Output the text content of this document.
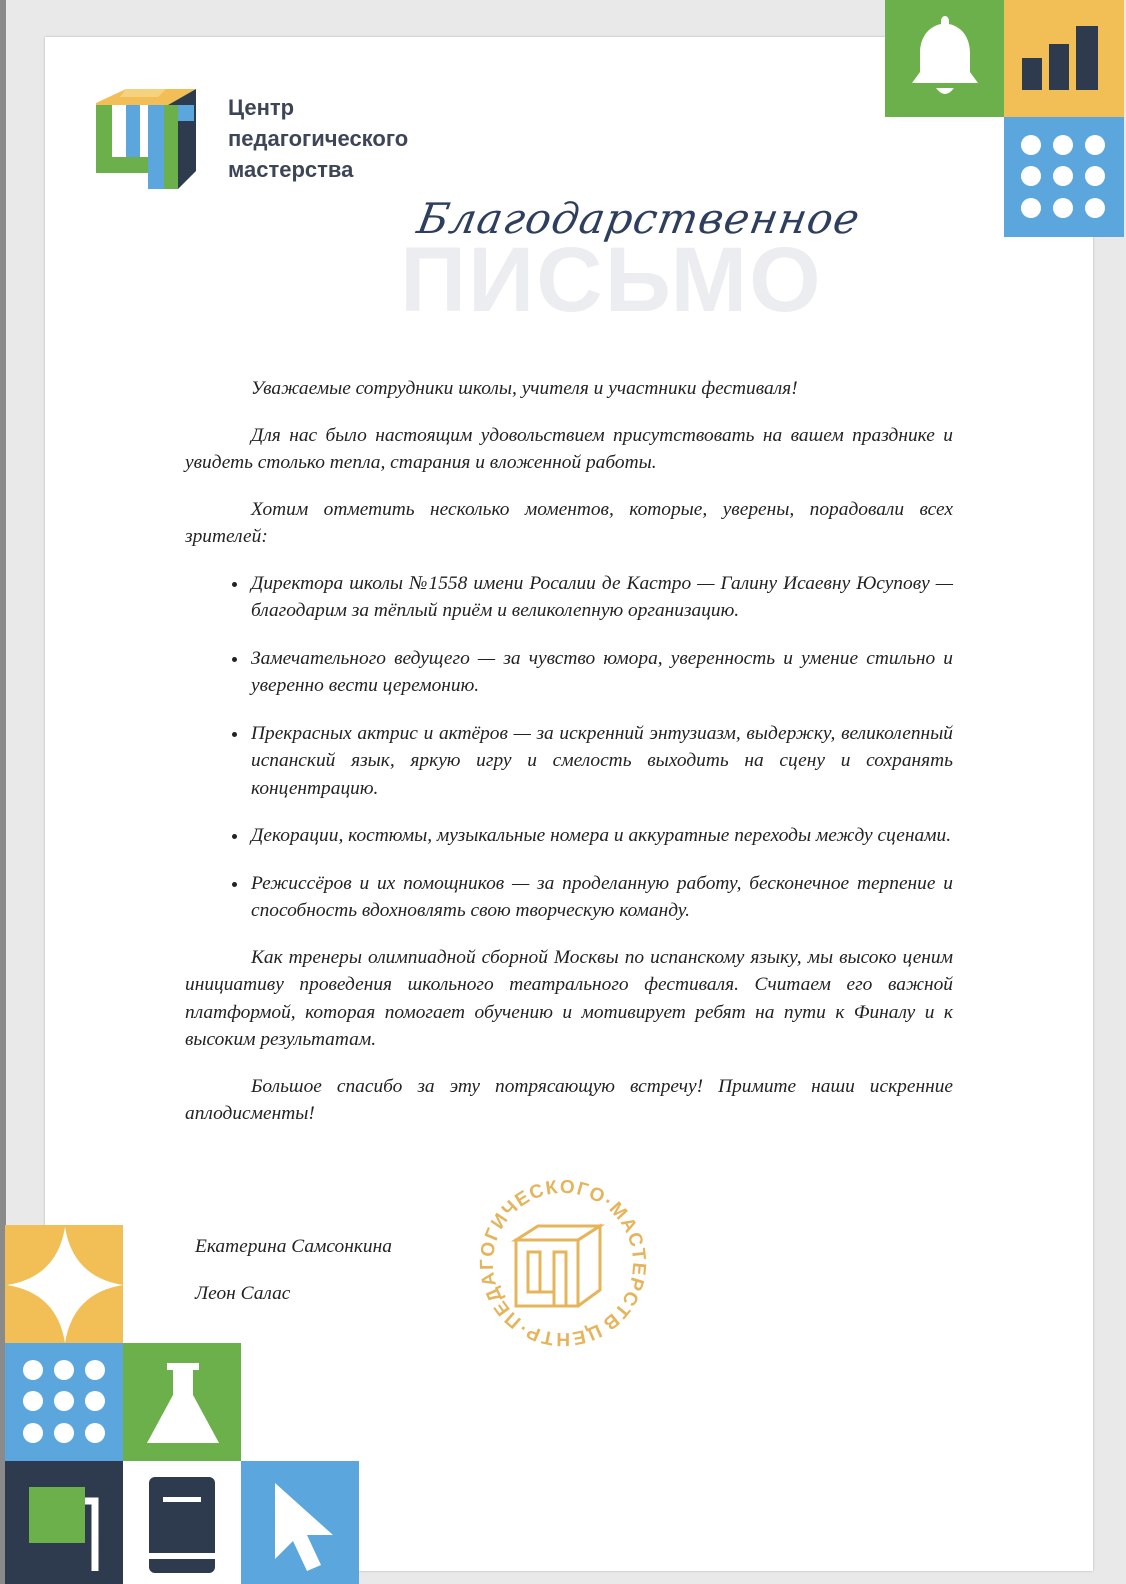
Центр
педагогического
мастерства
ПИСЬМО
Благодарственное

Уважаемые сотрудники школы, учителя и участники фестиваля!

Для нас было настоящим удовольствием присутствовать на вашем празднике и увидеть столько тепла, старания и вложенной работы.

Хотим отметить несколько моментов, которые, уверены, порадовали всех зрителей:

• Директора школы №1558 имени Росалии де Кастро — Галину Исаевну Юсупову — благодарим за тёплый приём и великолепную организацию.
• Замечательного ведущего — за чувство юмора, уверенность и умение стильно и уверенно вести церемонию.
• Прекрасных актрис и актёров — за искренний энтузиазм, выдержку, великолепный испанский язык, яркую игру и смелость выходить на сцену и сохранять концентрацию.
• Декорации, костюмы, музыкальные номера и аккуратные переходы между сценами.
• Режиссёров и их помощников — за проделанную работу, бесконечное терпение и способность вдохновлять свою творческую команду.

Как тренеры олимпиадной сборной Москвы по испанскому языку, мы высоко ценим инициативу проведения школьного театрального фестиваля. Считаем его важной платформой, которая помогает обучению и мотивирует ребят на пути к Финалу и к высоким результатам.

Большое спасибо за эту потрясающую встречу! Примите наши искренние аплодисменты!

Екатерина Самсонкина
Леон Салас
ЦЕНТР·ПЕДАГОГИЧЕСКОГО·МАСТЕРСТВА·
